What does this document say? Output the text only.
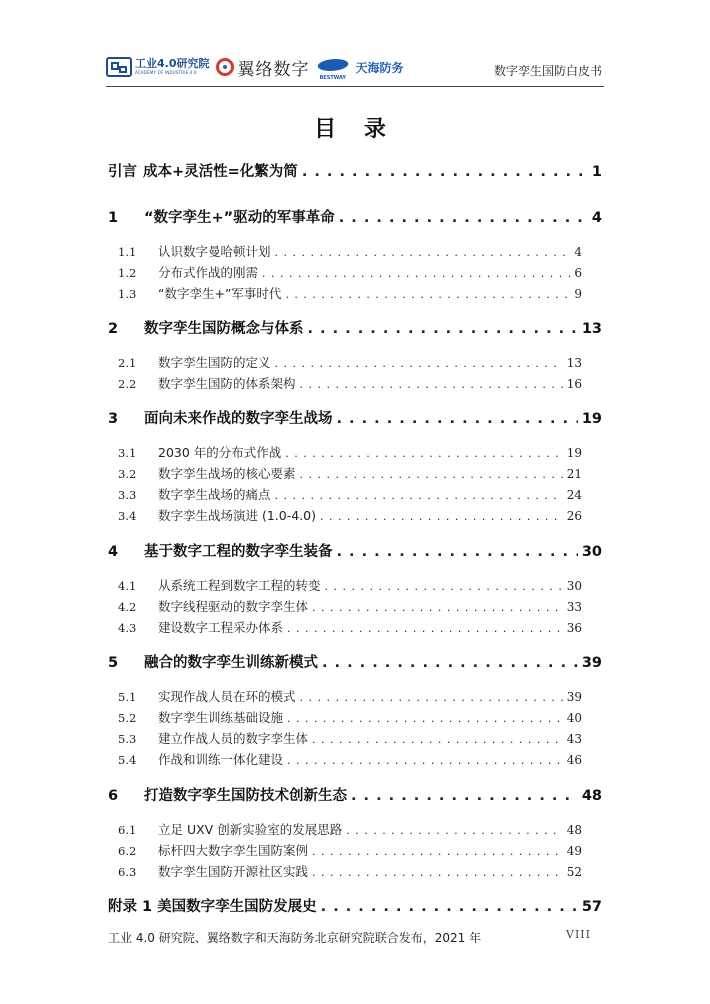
工业4.0研究院
ACADEMY OF INDUSTRIE 4.0	翼络数字 BESTWAY
天海防务	数字孪生国防白皮书
目 录
引言 成本+灵活性=化繁为简 . . .	1
1	“数字孪生+”驱动的军事革命 . . .	4
1.1	认识数字曼哈顿计划 . . .	4
1.2	分布式作战的刚需 . . .	6
1.3	“数字孪生+”军事时代 . . .	9
2	数字孪生国防概念与体系 . . .	13
2.1	数字孪生国防的定义 . . .	13
2.2	数字孪生国防的体系架构 . . .	16
3	面向未来作战的数字孪生战场 . . .	19
3.1	2030 年的分布式作战 . . .	19
3.2	数字孪生战场的核心要素 . . .	21
3.3	数字孪生战场的痛点 . . .	24
3.4	数字孪生战场演进 (1.0-4.0) . . .	26
4	基于数字工程的数字孪生装备 . . .	30
4.1	从系统工程到数字工程的转变 . . .	30
4.2	数字线程驱动的数字孪生体 . . .	33
4.3	建设数字工程采办体系 . . .	36
5	融合的数字孪生训练新模式 . . .	39
5.1	实现作战人员在环的模式 . . .	39
5.2	数字孪生训练基础设施 . . .	40
5.3	建立作战人员的数字孪生体 . . .	43
5.4	作战和训练一体化建设 . . .	46
6	打造数字孪生国防技术创新生态 . . .	48
6.1	立足 UXV 创新实验室的发展思路 . . .	48
6.2	标杆四大数字孪生国防案例 . . .	49
6.3	数字孪生国防开源社区实践 . . .	52
附录 1 美国数字孪生国防发展史 . . .	57
工业 4.0 研究院、翼络数字和天海防务北京研究院联合发布，2021 年	VIII
